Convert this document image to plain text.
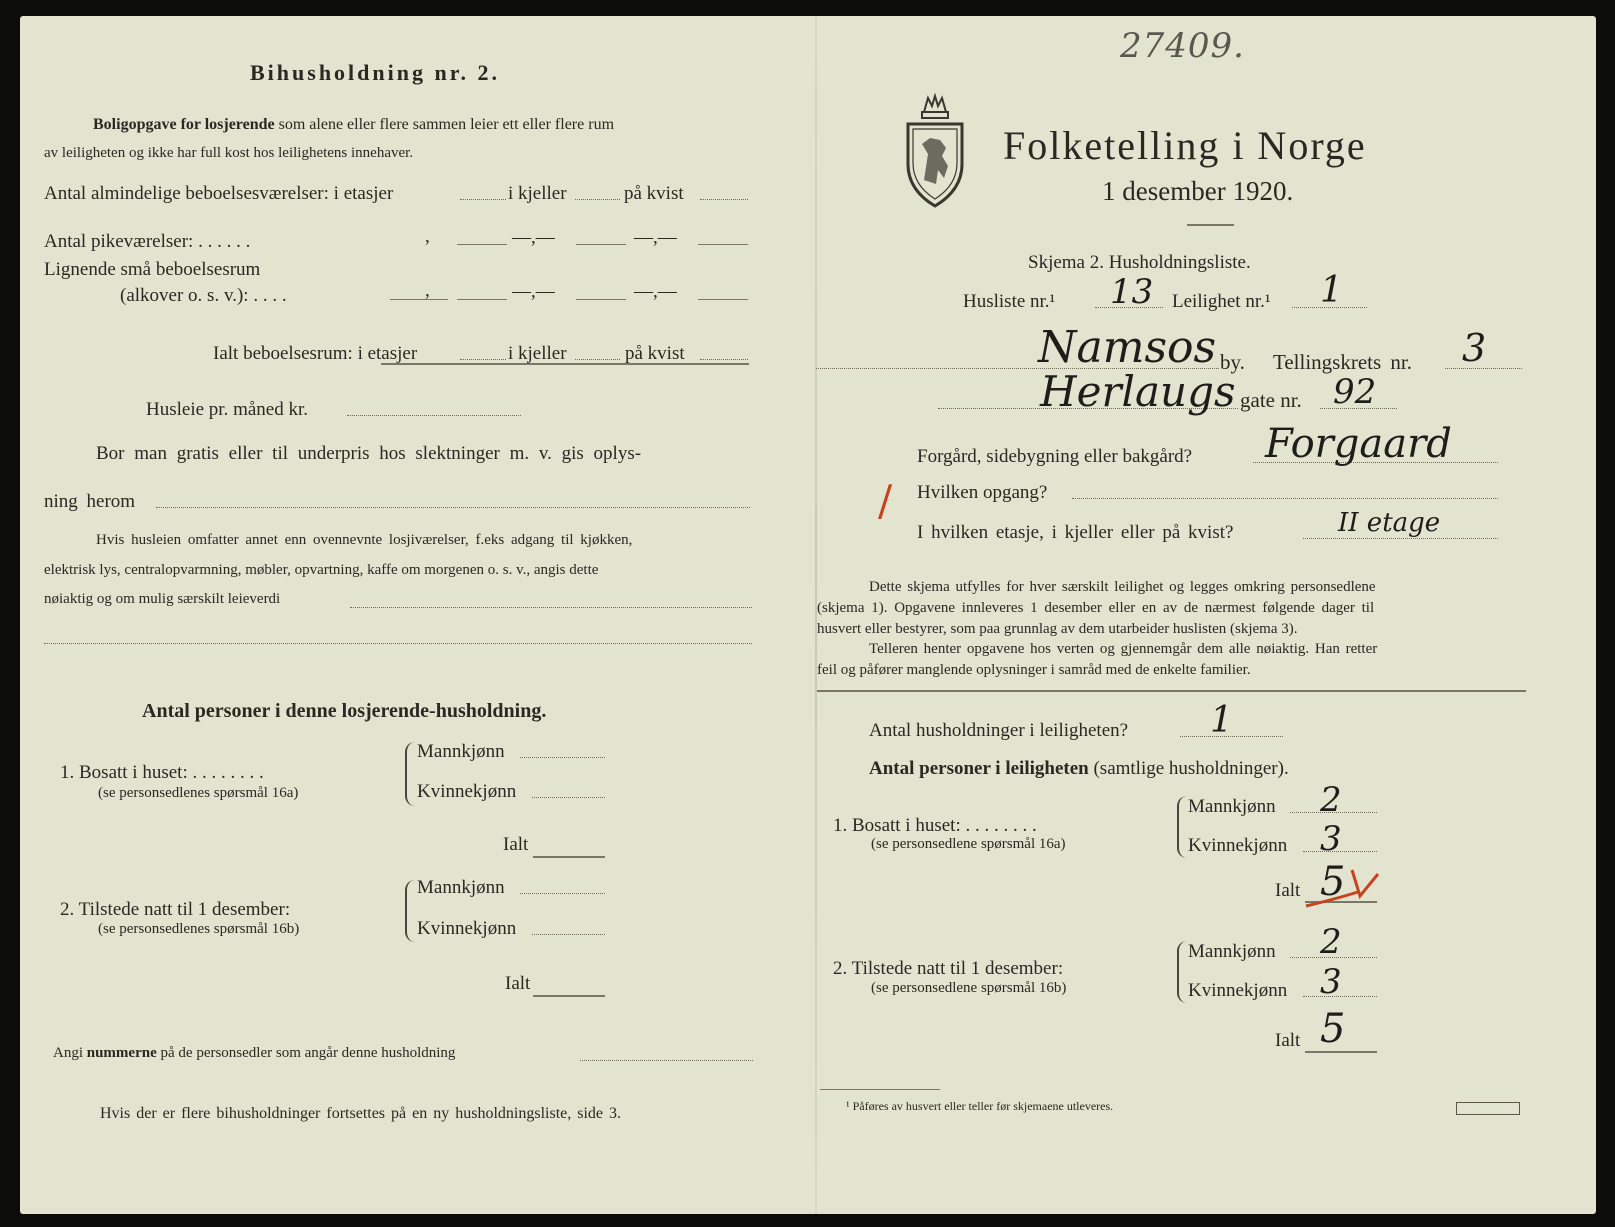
Bihusholdning nr. 2.
Boligopgave for losjerende som alene eller flere sammen leier ett eller flere rum
av leiligheten og ikke har full kost hos leilighetens innehaver.
Antal almindelige beboelsesværelser: i etasjer	i kjeller	på kvist
Antal pikeværelser: . . . . . .	,	—,—	—,—
Lignende små beboelsesrum
(alkover o. s. v.): . . . .	,	—,—	—,—
Ialt beboelsesrum: i etasjer	i kjeller	på kvist
Husleie pr. måned kr.
Bor man gratis eller til underpris hos slektninger m. v. gis oplys-
ning herom
Hvis husleien omfatter annet enn ovennevnte losjiværelser, f.eks adgang til kjøkken,
elektrisk lys, centralopvarmning, møbler, opvartning, kaffe om morgenen o. s. v., angis dette
nøiaktig og om mulig særskilt leieverdi
Antal personer i denne losjerende-husholdning.
1. Bosatt i huset: . . . . . . . .
(se personsedlenes spørsmål 16a)
Mannkjønn
Kvinnekjønn
Ialt
2. Tilstede natt til 1 desember:
(se personsedlenes spørsmål 16b)
Mannkjønn
Kvinnekjønn
Ialt
Angi nummerne på de personsedler som angår denne husholdning
Hvis der er flere bihusholdninger fortsettes på en ny husholdningsliste, side 3.
27409.
Folketelling i Norge
1 desember 1920.
Skjema 2. Husholdningsliste.
Husliste nr.¹ 13 Leilighet nr.¹ 1
Namsos by. Tellingskrets nr. 3
Herlaugs gate nr. 92
Forgård, sidebygning eller bakgård? Forgaard
/ Hvilken opgang?
I hvilken etasje, i kjeller eller på kvist?	II etage
Dette skjema utfylles for hver særskilt leilighet og legges omkring personsedlene
(skjema 1). Opgavene innleveres 1 desember eller en av de nærmest følgende dager til
husvert eller bestyrer, som paa grunnlag av dem utarbeider huslisten (skjema 3).
Telleren henter opgavene hos verten og gjennemgår dem alle nøiaktig. Han retter
feil og påfører manglende oplysninger i samråd med de enkelte familier.
Antal husholdninger i leiligheten? 1
Antal personer i leiligheten (samtlige husholdninger).
1. Bosatt i huset: . . . . . . . .
(se personsedlene spørsmål 16a)
Mannkjønn 2
Kvinnekjønn 3
Ialt 5
2. Tilstede natt til 1 desember:
(se personsedlene spørsmål 16b)
Mannkjønn 2
Kvinnekjønn 3
Ialt 5
¹ Påføres av husvert eller teller før skjemaene utleveres.
